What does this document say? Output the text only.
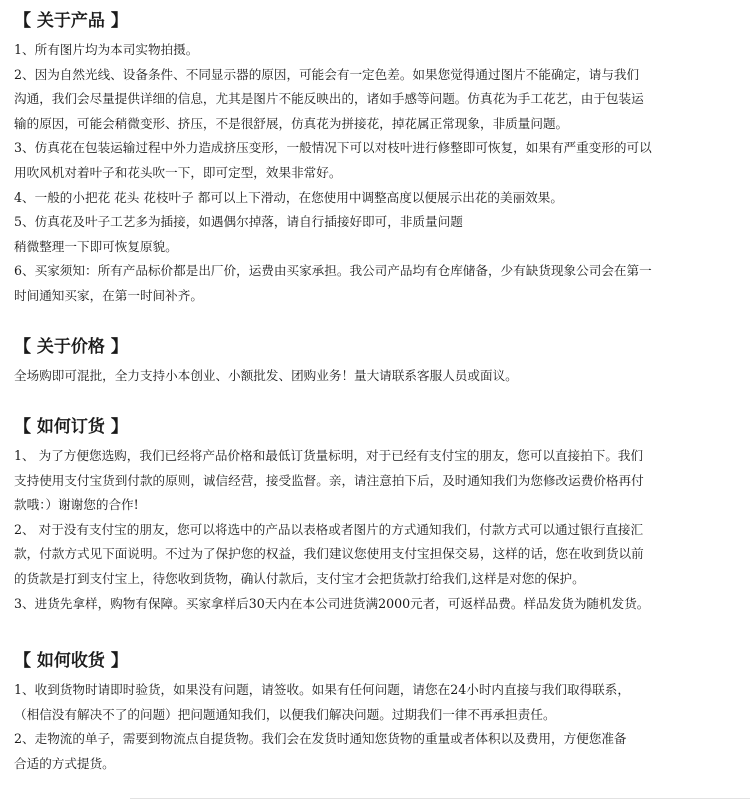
【 关于产品 】
1、所有图片均为本司实物拍摄。
2、因为自然光线、设备条件、不同显示器的原因，可能会有一定色差。如果您觉得通过图片不能确定，请与我们
沟通，我们会尽量提供详细的信息，尤其是图片不能反映出的，诸如手感等问题。仿真花为手工花艺，由于包装运
输的原因，可能会稍微变形、挤压，不是很舒展，仿真花为拼接花，掉花属正常现象，非质量问题。
3、仿真花在包装运输过程中外力造成挤压变形，一般情况下可以对枝叶进行修整即可恢复，如果有严重变形的可以
用吹风机对着叶子和花头吹一下，即可定型，效果非常好。
4、一般的小把花 花头 花枝叶子 都可以上下滑动，在您使用中调整高度以便展示出花的美丽效果。
5、仿真花及叶子工艺多为插接，如遇偶尔掉落，请自行插接好即可，非质量问题
稍微整理一下即可恢复原貌。
6、买家须知：所有产品标价都是出厂价，运费由买家承担。我公司产品均有仓库储备，少有缺货现象公司会在第一
时间通知买家，在第一时间补齐。
【 关于价格 】
全场购即可混批，全力支持小本创业、小额批发、团购业务！量大请联系客服人员或面议。
【 如何订货 】
1、 为了方便您选购，我们已经将产品价格和最低订货量标明，对于已经有支付宝的朋友，您可以直接拍下。我们
支持使用支付宝货到付款的原则，诚信经营，接受监督。亲，请注意拍下后，及时通知我们为您修改运费价格再付
款哦：）谢谢您的合作!
2、 对于没有支付宝的朋友，您可以将选中的产品以表格或者图片的方式通知我们，付款方式可以通过银行直接汇
款，付款方式见下面说明。不过为了保护您的权益，我们建议您使用支付宝担保交易，这样的话，您在收到货以前
的货款是打到支付宝上，待您收到货物，确认付款后，支付宝才会把货款打给我们,这样是对您的保护。
3、进货先拿样，购物有保障。买家拿样后30天内在本公司进货满2000元者，可返样品费。样品发货为随机发货。
【 如何收货 】
1、收到货物时请即时验货，如果没有问题，请签收。如果有任何问题，请您在24小时内直接与我们取得联系，
（相信没有解决不了的问题）把问题通知我们，以便我们解决问题。过期我们一律不再承担责任。
2、走物流的单子，需要到物流点自提货物。我们会在发货时通知您货物的重量或者体积以及费用，方便您准备
合适的方式提货。
